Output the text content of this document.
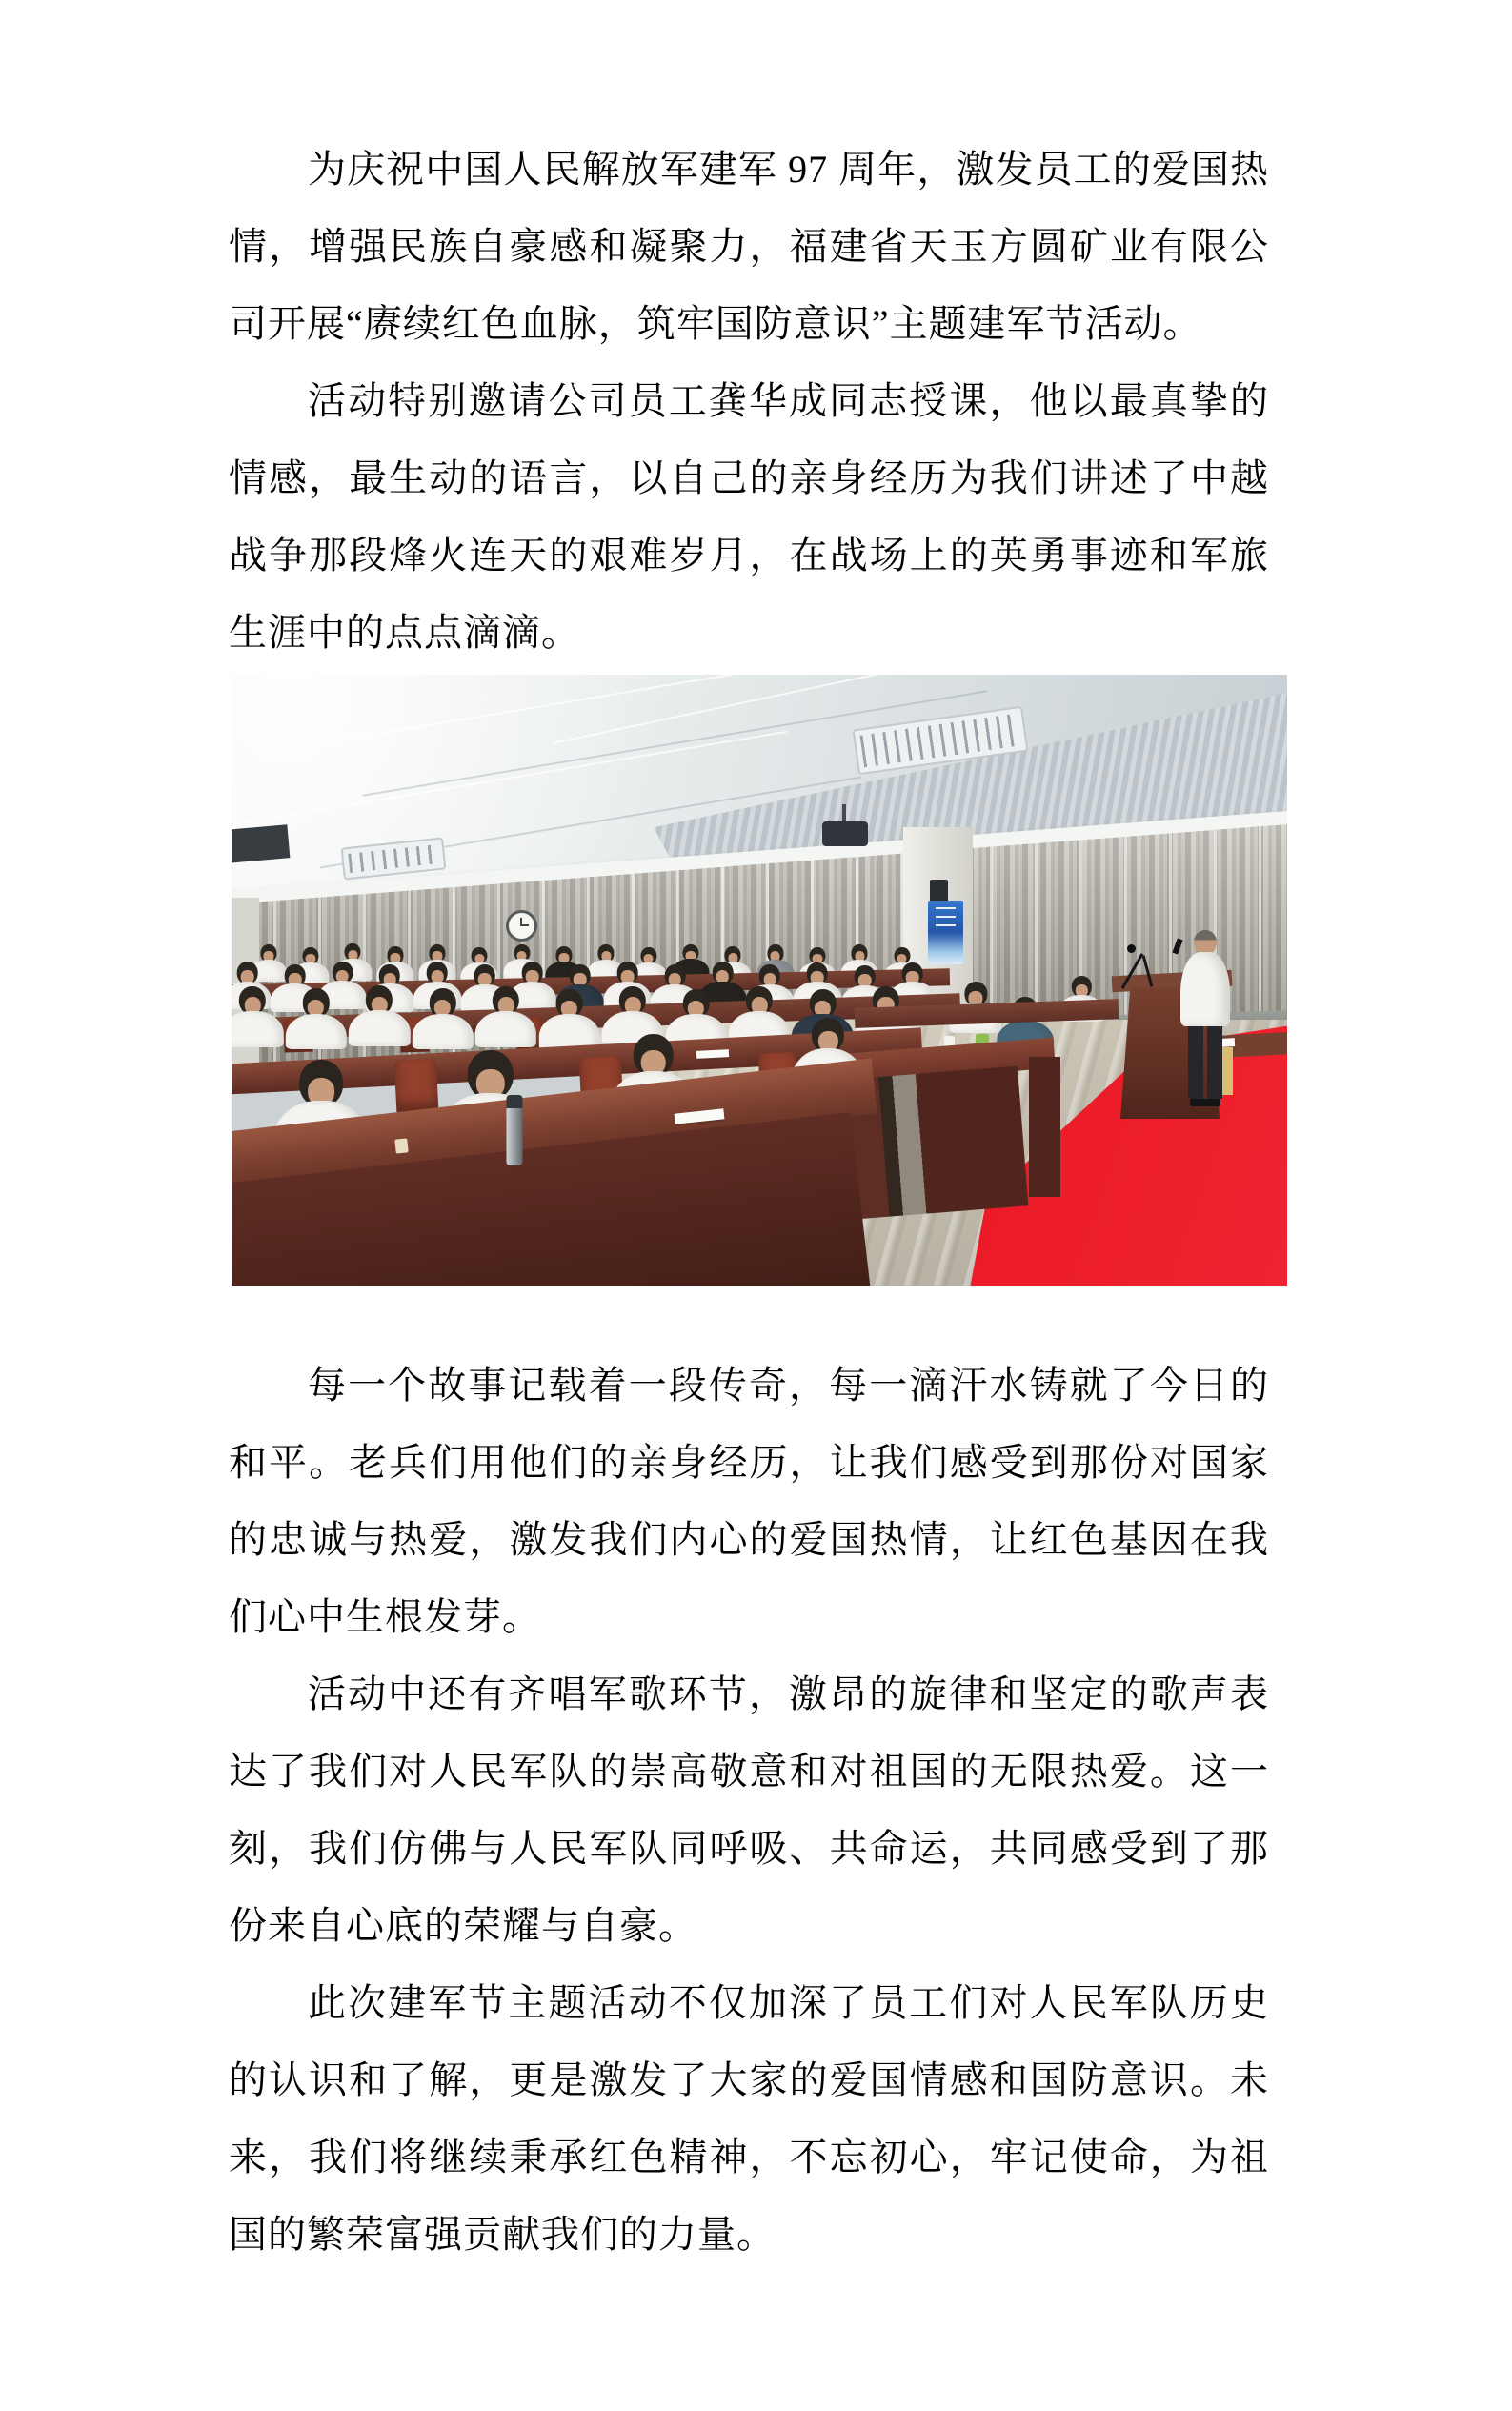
为庆祝中国人民解放军建军 97 周年，激发员工的爱国热情，增强民族自豪感和凝聚力，福建省天玉方圆矿业有限公司开展“赓续红色血脉，筑牢国防意识”主题建军节活动。

活动特别邀请公司员工龚华成同志授课，他以最真挚的情感，最生动的语言，以自己的亲身经历为我们讲述了中越战争那段烽火连天的艰难岁月，在战场上的英勇事迹和军旅生涯中的点点滴滴。

每一个故事记载着一段传奇，每一滴汗水铸就了今日的和平。老兵们用他们的亲身经历，让我们感受到那份对国家的忠诚与热爱，激发我们内心的爱国热情，让红色基因在我们心中生根发芽。

活动中还有齐唱军歌环节，激昂的旋律和坚定的歌声表达了我们对人民军队的崇高敬意和对祖国的无限热爱。这一刻，我们仿佛与人民军队同呼吸、共命运，共同感受到了那份来自心底的荣耀与自豪。

此次建军节主题活动不仅加深了员工们对人民军队历史的认识和了解，更是激发了大家的爱国情感和国防意识。未来，我们将继续秉承红色精神，不忘初心，牢记使命，为祖国的繁荣富强贡献我们的力量。
